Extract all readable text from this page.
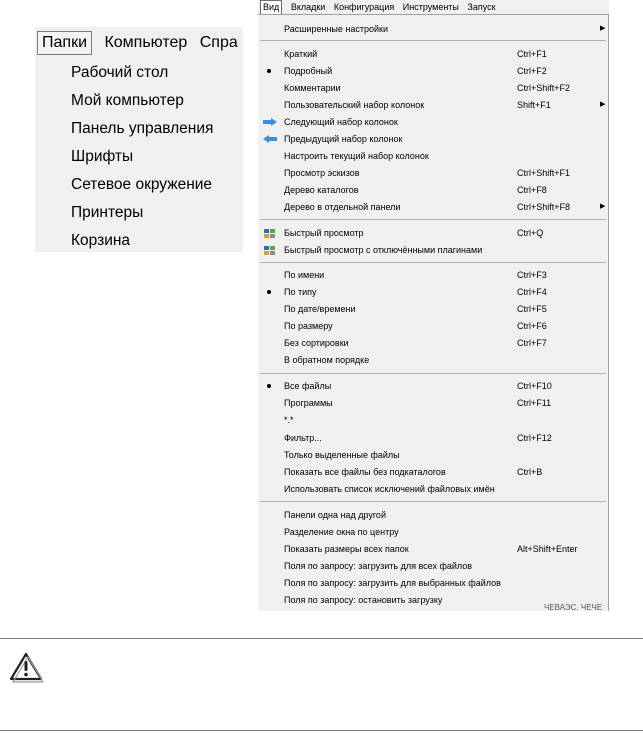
Папки Компьютер Спра
Рабочий стол
Мой компьютер
Панель управления
Шрифты
Сетевое окружение
Принтеры
Корзина
Вид Вкладки Конфигурация Инструменты Запуск
Расширенные настройки	▶
Краткий	Ctrl+F1
Подробный	Ctrl+F2
Комментарии	Ctrl+Shift+F2
Пользовательский набор колонок	Shift+F1	▶
Следующий набор колонок
Предыдущий набор колонок
Настроить текущий набор колонок
Просмотр эскизов	Ctrl+Shift+F1
Дерево каталогов	Ctrl+F8
Дерево в отдельной панели	Ctrl+Shift+F8	▶
Быстрый просмотр	Ctrl+Q
Быстрый просмотр с отключёнными плагинами
По имени	Ctrl+F3
По типу	Ctrl+F4
По дате/времени	Ctrl+F5
По размеру	Ctrl+F6
Без сортировки	Ctrl+F7
В обратном порядке
Все файлы	Ctrl+F10
Программы	Ctrl+F11
*.*
Фильтр...	Ctrl+F12
Только выделенные файлы
Показать все файлы без подкаталогов	Ctrl+B
Использовать список исключений файловых имён
Панели одна над другой
Разделение окна по центру
Показать размеры всех папок	Alt+Shift+Enter
Поля по запросу: загрузить для всех файлов
Поля по запросу: загрузить для выбранных файлов
Поля по запросу: остановить загрузку
ЧЕВАЭС. ЧЕЧЕ
